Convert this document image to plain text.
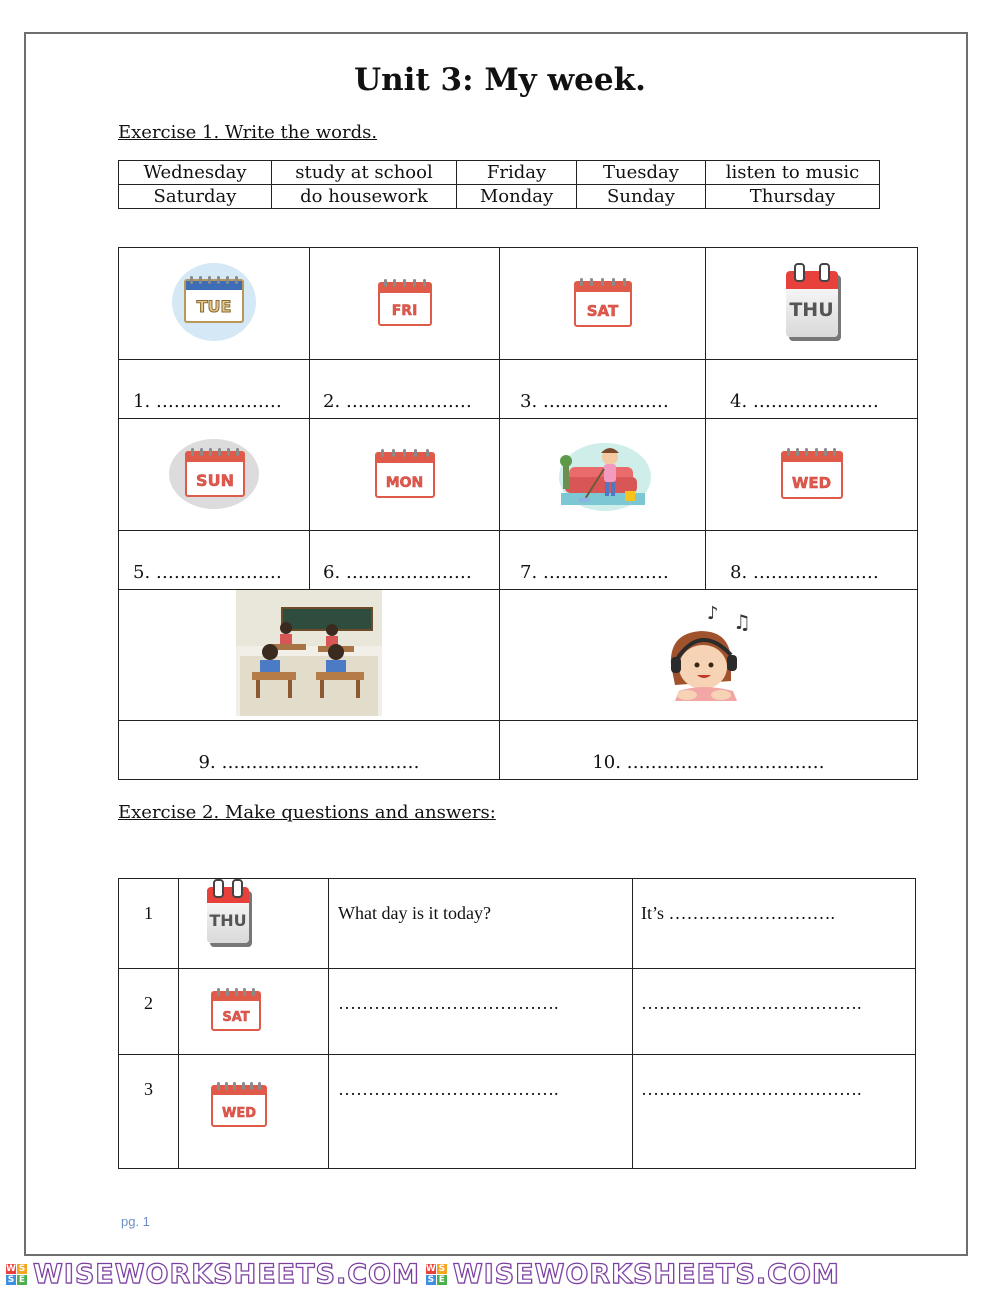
Unit 3: My week.
Exercise 1. Write the words.
Wednesday	study at school	Friday	Tuesday	listen to music
Saturday	do housework	Monday	Sunday	Thursday
TUE	FRI	SAT	THU

1. …………………	2. …………………	3. …………………	4. …………………

SUN	MON		WED

5. …………………	6. …………………	7. …………………	8. …………………

♪ ♫	

9. ……………………………		10. ……………………………	
Exercise 2. Make questions and answers:
1	THU	What day is it today?	It’s ……………………….
2	SAT	……………………………….	……………………………….
3	WED	……………………………….	……………………………….
pg. 1
W S
S E WISEWORKSHEETS.COM W S
S E WISEWORKSHEETS.COM
